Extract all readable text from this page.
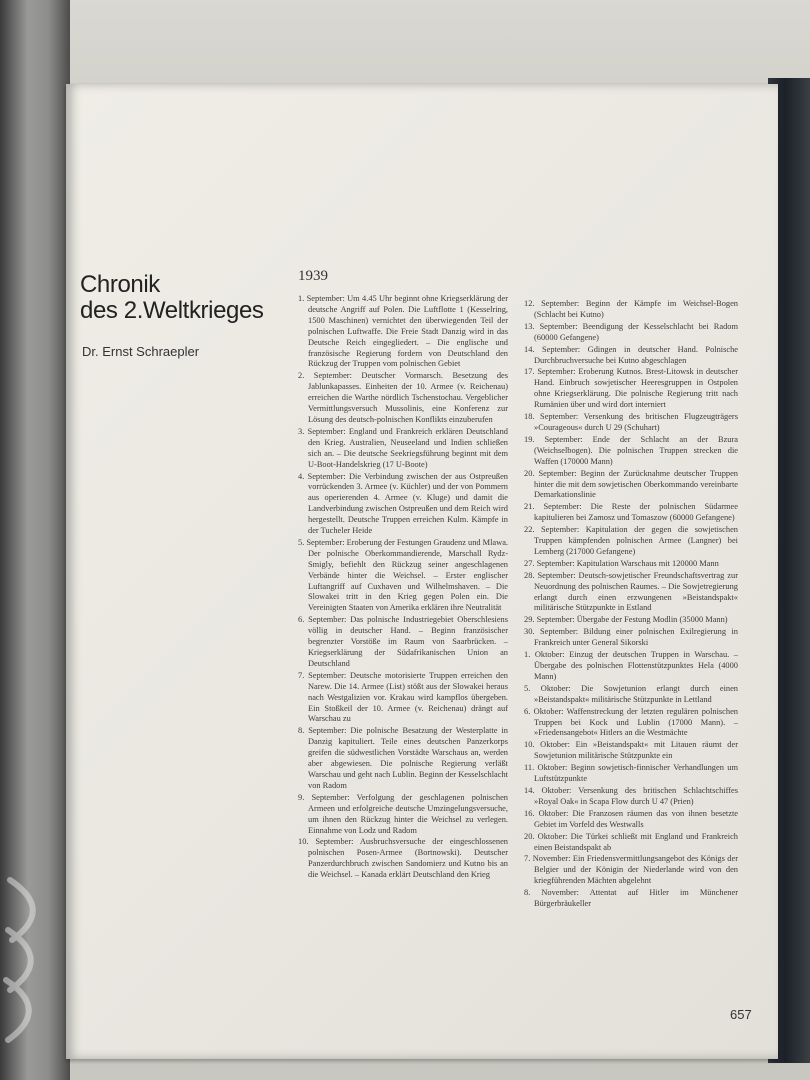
Chronik
des 2.Weltkrieges
Dr. Ernst Schraepler
1939

1. September: Um 4.45 Uhr beginnt ohne Kriegserklärung der deutsche Angriff auf Polen. Die Luftflotte 1 (Kesselring, 1500 Maschinen) vernichtet den überwiegenden Teil der polnischen Luftwaffe. Die Freie Stadt Danzig wird in das Deutsche Reich eingegliedert. – Die englische und französische Regierung fordern von Deutschland den Rückzug der Truppen vom polnischen Gebiet

2. September: Deutscher Vormarsch. Besetzung des Jablunkapasses. Einheiten der 10. Armee (v. Reichenau) erreichen die Warthe nördlich Tschenstochau. Vergeblicher Vermittlungsversuch Mussolinis, eine Konferenz zur Lösung des deutsch-polnischen Konflikts einzuberufen

3. September: England und Frankreich erklären Deutschland den Krieg. Australien, Neuseeland und Indien schließen sich an. – Die deutsche Seekriegsführung beginnt mit dem U-Boot-Handelskrieg (17 U-Boote)

4. September: Die Verbindung zwischen der aus Ostpreußen vorrückenden 3. Armee (v. Küchler) und der von Pommern aus operierenden 4. Armee (v. Kluge) und damit die Landverbindung zwischen Ostpreußen und dem Reich wird hergestellt. Deutsche Truppen erreichen Kulm. Kämpfe in der Tucheler Heide

5. September: Eroberung der Festungen Graudenz und Mlawa. Der polnische Oberkommandierende, Marschall Rydz-Smigly, befiehlt den Rückzug seiner angeschlagenen Verbände hinter die Weichsel. – Erster englischer Luftangriff auf Cuxhaven und Wilhelmshaven. – Die Slowakei tritt in den Krieg gegen Polen ein. Die Vereinigten Staaten von Amerika erklären ihre Neutralität

6. September: Das polnische Industriegebiet Oberschlesiens völlig in deutscher Hand. – Beginn französischer begrenzter Vorstöße im Raum von Saarbrücken. – Kriegserklärung der Südafrikanischen Union an Deutschland

7. September: Deutsche motorisierte Truppen erreichen den Narew. Die 14. Armee (List) stößt aus der Slowakei heraus nach Westgalizien vor. Krakau wird kampflos übergeben. Ein Stoßkeil der 10. Armee (v. Reichenau) drängt auf Warschau zu

8. September: Die polnische Besatzung der Westerplatte in Danzig kapituliert. Teile eines deutschen Panzerkorps greifen die südwestlichen Vorstädte Warschaus an, werden aber abgewiesen. Die polnische Regierung verläßt Warschau und geht nach Lublin. Beginn der Kesselschlacht von Radom

9. September: Verfolgung der geschlagenen polnischen Armeen und erfolgreiche deutsche Umzingelungsversuche, um ihnen den Rückzug hinter die Weichsel zu verlegen. Einnahme von Lodz und Radom

10. September: Ausbruchsversuche der eingeschlossenen polnischen Posen-Armee (Bortnowski). Deutscher Panzerdurchbruch zwischen Sandomierz und Kutno bis an die Weichsel. – Kanada erklärt Deutschland den Krieg

12. September: Beginn der Kämpfe im Weichsel-Bogen (Schlacht bei Kutno)

13. September: Beendigung der Kesselschlacht bei Radom (60000 Gefangene)

14. September: Gdingen in deutscher Hand. Polnische Durchbruchversuche bei Kutno abgeschlagen

17. September: Eroberung Kutnos. Brest-Litowsk in deutscher Hand. Einbruch sowjetischer Heeresgruppen in Ostpolen ohne Kriegserklärung. Die polnische Regierung tritt nach Rumänien über und wird dort interniert

18. September: Versenkung des britischen Flugzeugträgers »Courageous« durch U 29 (Schuhart)

19. September: Ende der Schlacht an der Bzura (Weichselbogen). Die polnischen Truppen strecken die Waffen (170000 Mann)

20. September: Beginn der Zurücknahme deutscher Truppen hinter die mit dem sowjetischen Oberkommando vereinbarte Demarkationslinie

21. September: Die Reste der polnischen Südarmee kapitulieren bei Zamosz und Tomaszow (60000 Gefangene)

22. September: Kapitulation der gegen die sowjetischen Truppen kämpfenden polnischen Armee (Langner) bei Lemberg (217000 Gefangene)

27. September: Kapitulation Warschaus mit 120000 Mann

28. September: Deutsch-sowjetischer Freundschaftsvertrag zur Neuordnung des polnischen Raumes. – Die Sowjetregierung erlangt durch einen erzwungenen »Beistandspakt« militärische Stützpunkte in Estland

29. September: Übergabe der Festung Modlin (35000 Mann)

30. September: Bildung einer polnischen Exilregierung in Frankreich unter General Sikorski

1. Oktober: Einzug der deutschen Truppen in Warschau. – Übergabe des polnischen Flottenstützpunktes Hela (4000 Mann)

5. Oktober: Die Sowjetunion erlangt durch einen »Beistandspakt« militärische Stützpunkte in Lettland

6. Oktober: Waffenstreckung der letzten regulären polnischen Truppen bei Kock und Lublin (17000 Mann). – »Friedensangebot« Hitlers an die Westmächte

10. Oktober: Ein »Beistandspakt« mit Litauen räumt der Sowjetunion militärische Stützpunkte ein

11. Oktober: Beginn sowjetisch-finnischer Verhandlungen um Luftstützpunkte

14. Oktober: Versenkung des britischen Schlachtschiffes »Royal Oak« in Scapa Flow durch U 47 (Prien)

16. Oktober: Die Franzosen räumen das von ihnen besetzte Gebiet im Vorfeld des Westwalls

20. Oktober: Die Türkei schließt mit England und Frankreich einen Beistandspakt ab

7. November: Ein Friedensvermittlungsangebot des Königs der Belgier und der Königin der Niederlande wird von den kriegführenden Mächten abgelehnt

8. November: Attentat auf Hitler im Münchener Bürgerbräukeller

657
